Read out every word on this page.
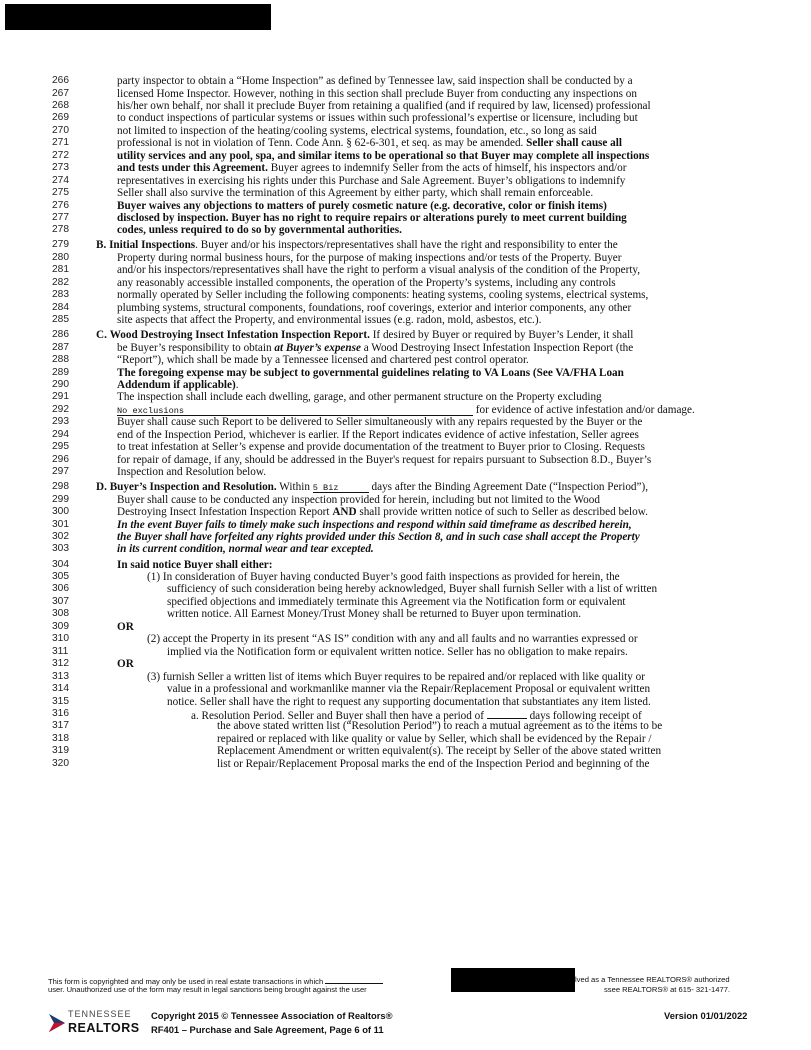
266	party inspector to obtain a “Home Inspection” as defined by Tennessee law, said inspection shall be conducted by a
267	licensed Home Inspector. However, nothing in this section shall preclude Buyer from conducting any inspections on
268	his/her own behalf, nor shall it preclude Buyer from retaining a qualified (and if required by law, licensed) professional
269	to conduct inspections of particular systems or issues within such professional’s expertise or licensure, including but
270	not limited to inspection of the heating/cooling systems, electrical systems, foundation, etc., so long as said
271	professional is not in violation of Tenn. Code Ann. § 62-6-301, et seq. as may be amended. Seller shall cause all
272	utility services and any pool, spa, and similar items to be operational so that Buyer may complete all inspections
273	and tests under this Agreement. Buyer agrees to indemnify Seller from the acts of himself, his inspectors and/or
274	representatives in exercising his rights under this Purchase and Sale Agreement. Buyer’s obligations to indemnify
275	Seller shall also survive the termination of this Agreement by either party, which shall remain enforceable.
276	Buyer waives any objections to matters of purely cosmetic nature (e.g. decorative, color or finish items)
277	disclosed by inspection. Buyer has no right to require repairs or alterations purely to meet current building
278	codes, unless required to do so by governmental authorities.
279	B. Initial Inspections. Buyer and/or his inspectors/representatives shall have the right and responsibility to enter the
280	Property during normal business hours, for the purpose of making inspections and/or tests of the Property. Buyer
281	and/or his inspectors/representatives shall have the right to perform a visual analysis of the condition of the Property,
282	any reasonably accessible installed components, the operation of the Property’s systems, including any controls
283	normally operated by Seller including the following components: heating systems, cooling systems, electrical systems,
284	plumbing systems, structural components, foundations, roof coverings, exterior and interior components, any other
285	site aspects that affect the Property, and environmental issues (e.g. radon, mold, asbestos, etc.).
286	C. Wood Destroying Insect Infestation Inspection Report. If desired by Buyer or required by Buyer’s Lender, it shall
287	be Buyer’s responsibility to obtain at Buyer’s expense a Wood Destroying Insect Infestation Inspection Report (the
288	“Report”), which shall be made by a Tennessee licensed and chartered pest control operator.
289	The foregoing expense may be subject to governmental guidelines relating to VA Loans (See VA/FHA Loan
290	Addendum if applicable).
291	The inspection shall include each dwelling, garage, and other permanent structure on the Property excluding
292	No exclusions	for evidence of active infestation and/or damage.
293	Buyer shall cause such Report to be delivered to Seller simultaneously with any repairs requested by the Buyer or the
294	end of the Inspection Period, whichever is earlier. If the Report indicates evidence of active infestation, Seller agrees
295	to treat infestation at Seller’s expense and provide documentation of the treatment to Buyer prior to Closing. Requests
296	for repair of damage, if any, should be addressed in the Buyer's request for repairs pursuant to Subsection 8.D., Buyer’s
297	Inspection and Resolution below.
298	D. Buyer’s Inspection and Resolution. Within 5 Biz	days after the Binding Agreement Date (“Inspection Period”),
299	Buyer shall cause to be conducted any inspection provided for herein, including but not limited to the Wood
300	Destroying Insect Infestation Inspection Report AND shall provide written notice of such to Seller as described below.
301	In the event Buyer fails to timely make such inspections and respond within said timeframe as described herein,
302	the Buyer shall have forfeited any rights provided under this Section 8, and in such case shall accept the Property
303	in its current condition, normal wear and tear excepted.
304	In said notice Buyer shall either:
305	(1) In consideration of Buyer having conducted Buyer’s good faith inspections as provided for herein, the
306	sufficiency of such consideration being hereby acknowledged, Buyer shall furnish Seller with a list of written
307	specified objections and immediately terminate this Agreement via the Notification form or equivalent
308	written notice. All Earnest Money/Trust Money shall be returned to Buyer upon termination.
309	OR
310	(2) accept the Property in its present “AS IS” condition with any and all faults and no warranties expressed or
311	implied via the Notification form or equivalent written notice. Seller has no obligation to make repairs.
312	OR
313	(3) furnish Seller a written list of items which Buyer requires to be repaired and/or replaced with like quality or
314	value in a professional and workmanlike manner via the Repair/Replacement Proposal or equivalent written
315	notice. Seller shall have the right to request any supporting documentation that substantiates any item listed.
316	a. Resolution Period. Seller and Buyer shall then have a period of	days following receipt of
317	the above stated written list (“Resolution Period”) to reach a mutual agreement as to the items to be
318	repaired or replaced with like quality or value by Seller, which shall be evidenced by the Repair /
319	Replacement Amendment or written equivalent(s). The receipt by Seller of the above stated written
320	list or Repair/Replacement Proposal marks the end of the Inspection Period and beginning of the
This form is copyrighted and may only be used in real estate transactions in which	lved as a Tennessee REALTORS® authorized
user. Unauthorized use of the form may result in legal sanctions being brought against the user	ssee REALTORS® at 615- 321-1477.
TENNESSEE
REALTORS
Copyright 2015 © Tennessee Association of Realtors®
RF401 – Purchase and Sale Agreement, Page 6 of 11
Version 01/01/2022
